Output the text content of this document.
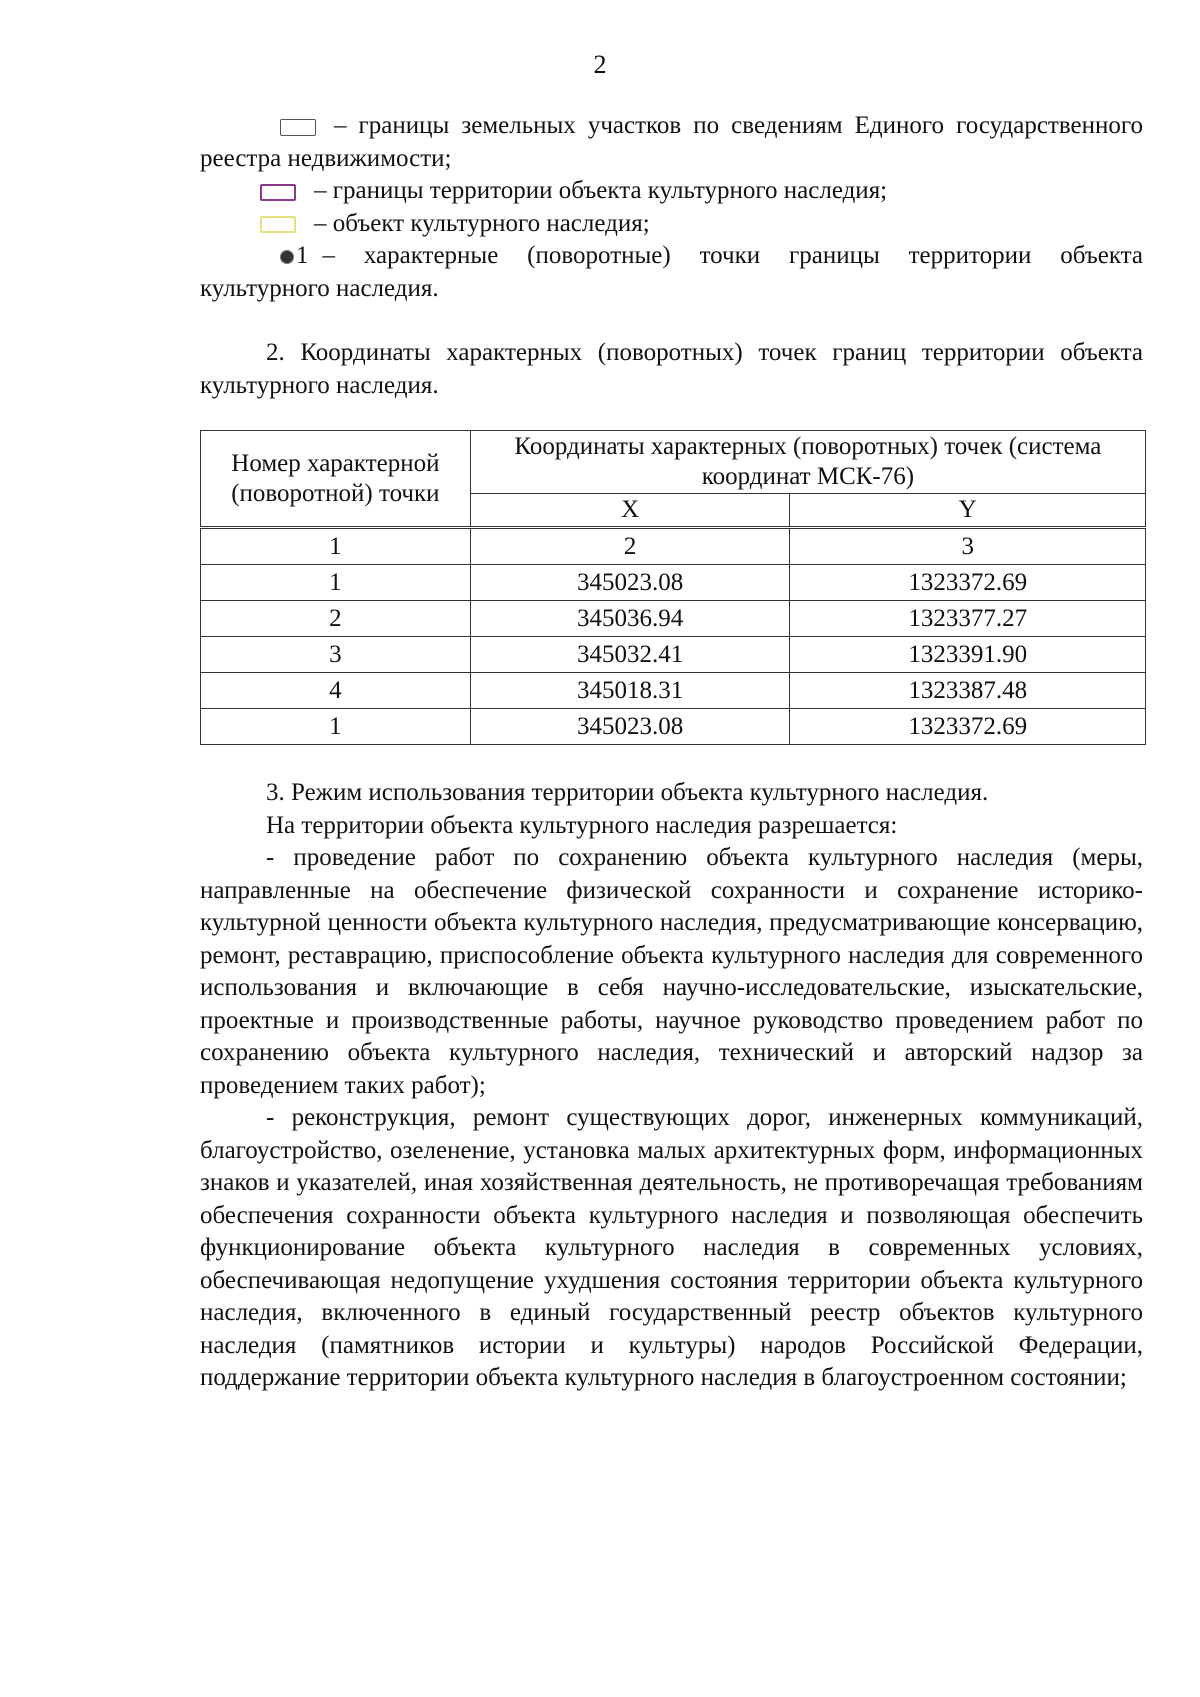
2

– границы земельных участков по сведениям Единого государственного реестра недвижимости;

– границы территории объекта культурного наследия;

– объект культурного наследия;

1 – характерные (поворотные) точки границы территории объекта культурного наследия.

2. Координаты характерных (поворотных) точек границ территории объекта культурного наследия.

Номер характерной (поворотной) точки	Координаты характерных (поворотных) точек (система координат МСК-76)	
	X	Y
1	2	3
1	345023.08	1323372.69
2	345036.94	1323377.27
3	345032.41	1323391.90
4	345018.31	1323387.48
1	345023.08	1323372.69

3. Режим использования территории объекта культурного наследия.

На территории объекта культурного наследия разрешается:

- проведение работ по сохранению объекта культурного наследия (меры, направленные на обеспечение физической сохранности и сохранение историко-культурной ценности объекта культурного наследия, предусматривающие консервацию, ремонт, реставрацию, приспособление объекта культурного наследия для современного использования и включающие в себя научно-исследовательские, изыскательские, проектные и производственные работы, научное руководство проведением работ по сохранению объекта культурного наследия, технический и авторский надзор за проведением таких работ);

- реконструкция, ремонт существующих дорог, инженерных коммуникаций, благоустройство, озеленение, установка малых архитектурных форм, информационных знаков и указателей, иная хозяйственная деятельность, не противоречащая требованиям обеспечения сохранности объекта культурного наследия и позволяющая обеспечить функционирование объекта культурного наследия в современных условиях, обеспечивающая недопущение ухудшения состояния территории объекта культурного наследия, включенного в единый государственный реестр объектов культурного наследия (памятников истории и культуры) народов Российской Федерации, поддержание территории объекта культурного наследия в благоустроенном состоянии;
